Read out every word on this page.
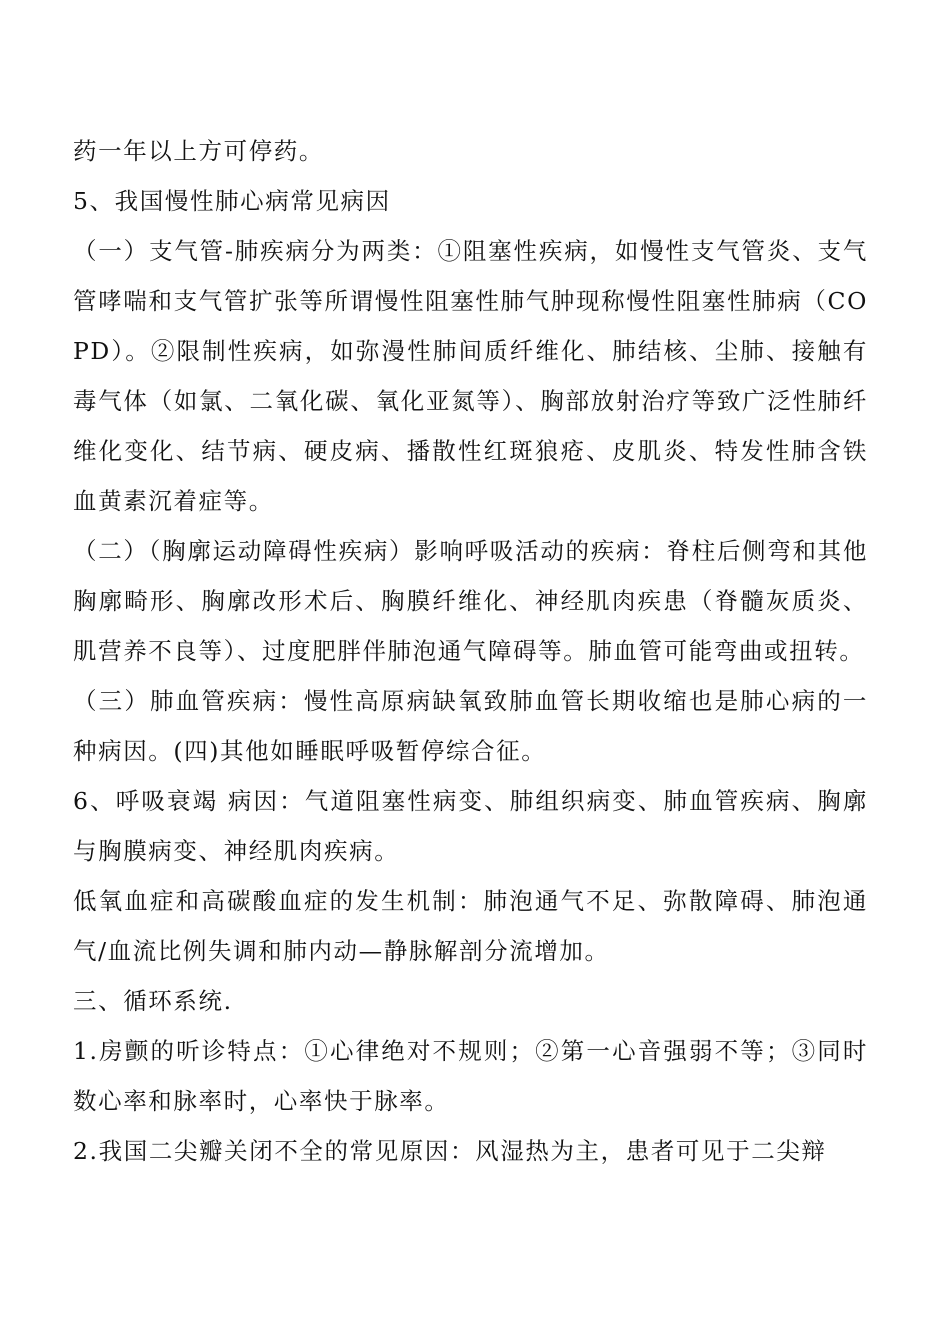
药一年以上方可停药。

5、我国慢性肺心病常见病因

（一）支气管-肺疾病分为两类：①阻塞性疾病，如慢性支气管炎、支气管哮喘和支气管扩张等所谓慢性阻塞性肺气肿现称慢性阻塞性肺病（COPD）。②限制性疾病，如弥漫性肺间质纤维化、肺结核、尘肺、接触有毒气体（如氯、二氧化碳、氧化亚氮等）、胸部放射治疗等致广泛性肺纤维化变化、结节病、硬皮病、播散性红斑狼疮、皮肌炎、特发性肺含铁血黄素沉着症等。

（二）（胸廓运动障碍性疾病）影响呼吸活动的疾病：脊柱后侧弯和其他胸廓畸形、胸廓改形术后、胸膜纤维化、神经肌肉疾患（脊髓灰质炎、肌营养不良等）、过度肥胖伴肺泡通气障碍等。肺血管可能弯曲或扭转。

（三）肺血管疾病：慢性高原病缺氧致肺血管长期收缩也是肺心病的一种病因。(四)其他如睡眠呼吸暂停综合征。

6、呼吸衰竭 病因：气道阻塞性病变、肺组织病变、肺血管疾病、胸廓与胸膜病变、神经肌肉疾病。

低氧血症和高碳酸血症的发生机制：肺泡通气不足、弥散障碍、肺泡通气/血流比例失调和肺内动—静脉解剖分流增加。

三、循环系统.

1.房颤的听诊特点：①心律绝对不规则；②第一心音强弱不等；③同时数心率和脉率时，心率快于脉率。

2.我国二尖瓣关闭不全的常见原因：风湿热为主，患者可见于二尖辩
